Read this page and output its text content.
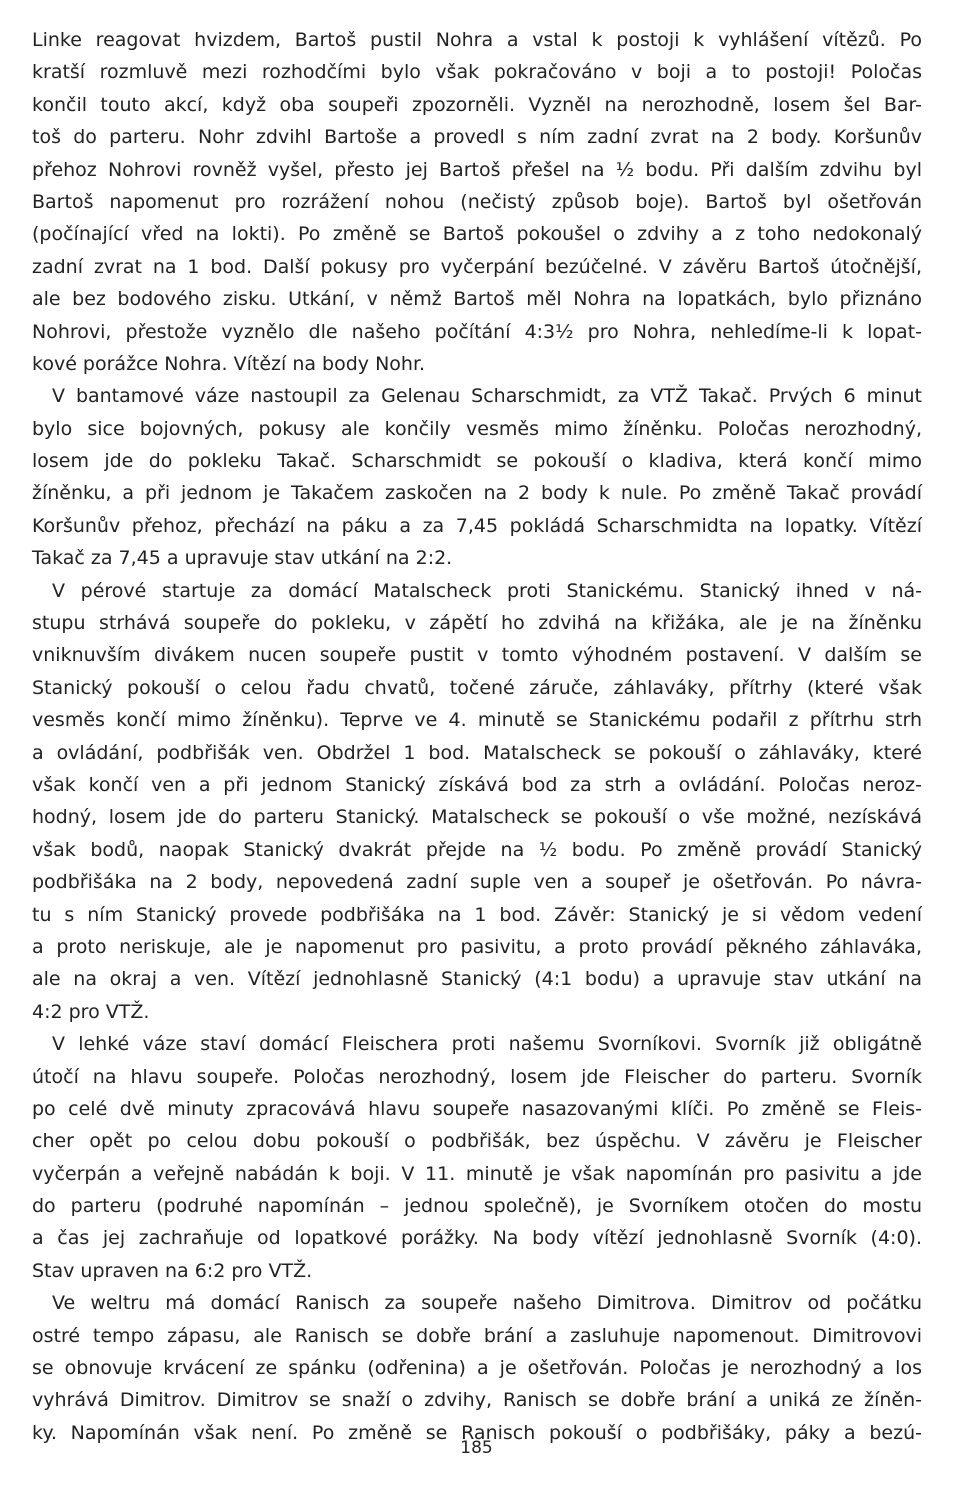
Linke reagovat hvizdem, Bartoš pustil Nohra a vstal k postoji k vyhlášení vítězů. Po
kratší rozmluvě mezi rozhodčími bylo však pokračováno v boji a to postoji! Poločas
končil touto akcí, když oba soupeři zpozorněli. Vyzněl na nerozhodně, losem šel Bar-
toš do parteru. Nohr zdvihl Bartoše a provedl s ním zadní zvrat na 2 body. Koršunův
přehoz Nohrovi rovněž vyšel, přesto jej Bartoš přešel na ½ bodu. Při dalším zdvihu byl
Bartoš napomenut pro rozrážení nohou (nečistý způsob boje). Bartoš byl ošetřován
(počínající vřed na lokti). Po změně se Bartoš pokoušel o zdvihy a z toho nedokonalý
zadní zvrat na 1 bod. Další pokusy pro vyčerpání bezúčelné. V závěru Bartoš útočnější,
ale bez bodového zisku. Utkání, v němž Bartoš měl Nohra na lopatkách, bylo přiznáno
Nohrovi, přestože vyznělo dle našeho počítání 4:3½ pro Nohra, nehledíme-li k lopat-
kové porážce Nohra. Vítězí na body Nohr.
V bantamové váze nastoupil za Gelenau Scharschmidt, za VTŽ Takač. Prvých 6 minut
bylo sice bojovných, pokusy ale končily vesměs mimo žíněnku. Poločas nerozhodný,
losem jde do pokleku Takač. Scharschmidt se pokouší o kladiva, která končí mimo
žíněnku, a při jednom je Takačem zaskočen na 2 body k nule. Po změně Takač provádí
Koršunův přehoz, přechází na páku a za 7,45 pokládá Scharschmidta na lopatky. Vítězí
Takač za 7,45 a upravuje stav utkání na 2:2.
V pérové startuje za domácí Matalscheck proti Stanickému. Stanický ihned v ná-
stupu strhává soupeře do pokleku, v zápětí ho zdvihá na křižáka, ale je na žíněnku
vniknuvším divákem nucen soupeře pustit v tomto výhodném postavení. V dalším se
Stanický pokouší o celou řadu chvatů, točené záruče, záhlaváky, přítrhy (které však
vesměs končí mimo žíněnku). Teprve ve 4. minutě se Stanickému podařil z přítrhu strh
a ovládání, podbřišák ven. Obdržel 1 bod. Matalscheck se pokouší o záhlaváky, které
však končí ven a při jednom Stanický získává bod za strh a ovládání. Poločas neroz-
hodný, losem jde do parteru Stanický. Matalscheck se pokouší o vše možné, nezískává
však bodů, naopak Stanický dvakrát přejde na ½ bodu. Po změně provádí Stanický
podbřišáka na 2 body, nepovedená zadní suple ven a soupeř je ošetřován. Po návra-
tu s ním Stanický provede podbřišáka na 1 bod. Závěr: Stanický je si vědom vedení
a proto neriskuje, ale je napomenut pro pasivitu, a proto provádí pěkného záhlaváka,
ale na okraj a ven. Vítězí jednohlasně Stanický (4:1 bodu) a upravuje stav utkání na
4:2 pro VTŽ.
V lehké váze staví domácí Fleischera proti našemu Svorníkovi. Svorník již obligátně
útočí na hlavu soupeře. Poločas nerozhodný, losem jde Fleischer do parteru. Svorník
po celé dvě minuty zpracovává hlavu soupeře nasazovanými klíči. Po změně se Fleis-
cher opět po celou dobu pokouší o podbřišák, bez úspěchu. V závěru je Fleischer
vyčerpán a veřejně nabádán k boji. V 11. minutě je však napomínán pro pasivitu a jde
do parteru (podruhé napomínán – jednou společně), je Svorníkem otočen do mostu
a čas jej zachraňuje od lopatkové porážky. Na body vítězí jednohlasně Svorník (4:0).
Stav upraven na 6:2 pro VTŽ.
Ve weltru má domácí Ranisch za soupeře našeho Dimitrova. Dimitrov od počátku
ostré tempo zápasu, ale Ranisch se dobře brání a zasluhuje napomenout. Dimitrovovi
se obnovuje krvácení ze spánku (odřenina) a je ošetřován. Poločas je nerozhodný a los
vyhrává Dimitrov. Dimitrov se snaží o zdvihy, Ranisch se dobře brání a uniká ze žíněn-
ky. Napomínán však není. Po změně se Ranisch pokouší o podbřišáky, páky a bezú-
185
